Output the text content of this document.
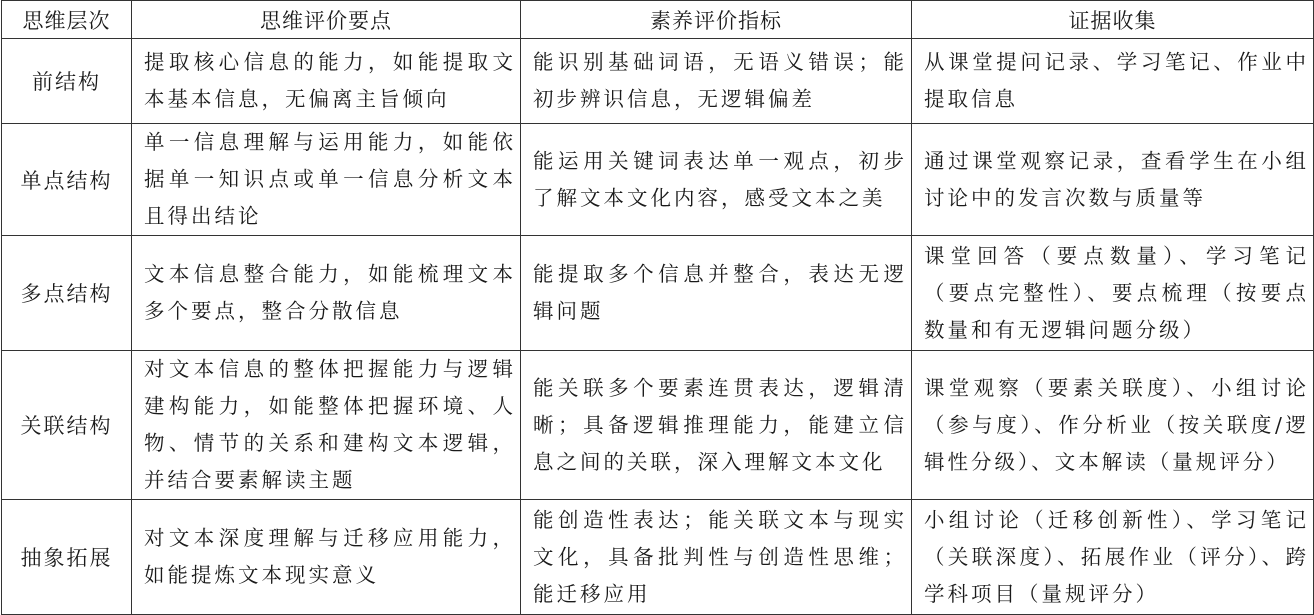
思维层次	思维评价要点	素养评价指标	证据收集
前结构	提取核心信息的能力，如能提取文本基本信息，无偏离主旨倾向	能识别基础词语，无语义错误；能初步辨识信息，无逻辑偏差	从课堂提问记录、学习笔记、作业中提取信息
单点结构	单一信息理解与运用能力，如能依据单一知识点或单一信息分析文本且得出结论	能运用关键词表达单一观点，初步了解文本文化内容，感受文本之美	通过课堂观察记录，查看学生在小组讨论中的发言次数与质量等
多点结构	文本信息整合能力，如能梳理文本多个要点，整合分散信息	能提取多个信息并整合，表达无逻辑问题	课堂回答（要点数量）、学习笔记（要点完整性）、要点梳理（按要点数量和有无逻辑问题分级）
关联结构	对文本信息的整体把握能力与逻辑建构能力，如能整体把握环境、人物、情节的关系和建构文本逻辑，并结合要素解读主题	能关联多个要素连贯表达，逻辑清晰；具备逻辑推理能力，能建立信息之间的关联，深入理解文本文化	课堂观察（要素关联度）、小组讨论（参与度）、作分析业（按关联度/逻辑性分级）、文本解读（量规评分）
抽象拓展	对文本深度理解与迁移应用能力，如能提炼文本现实意义	能创造性表达；能关联文本与现实文化，具备批判性与创造性思维；能迁移应用	小组讨论（迁移创新性）、学习笔记（关联深度）、拓展作业（评分）、跨学科项目（量规评分）
